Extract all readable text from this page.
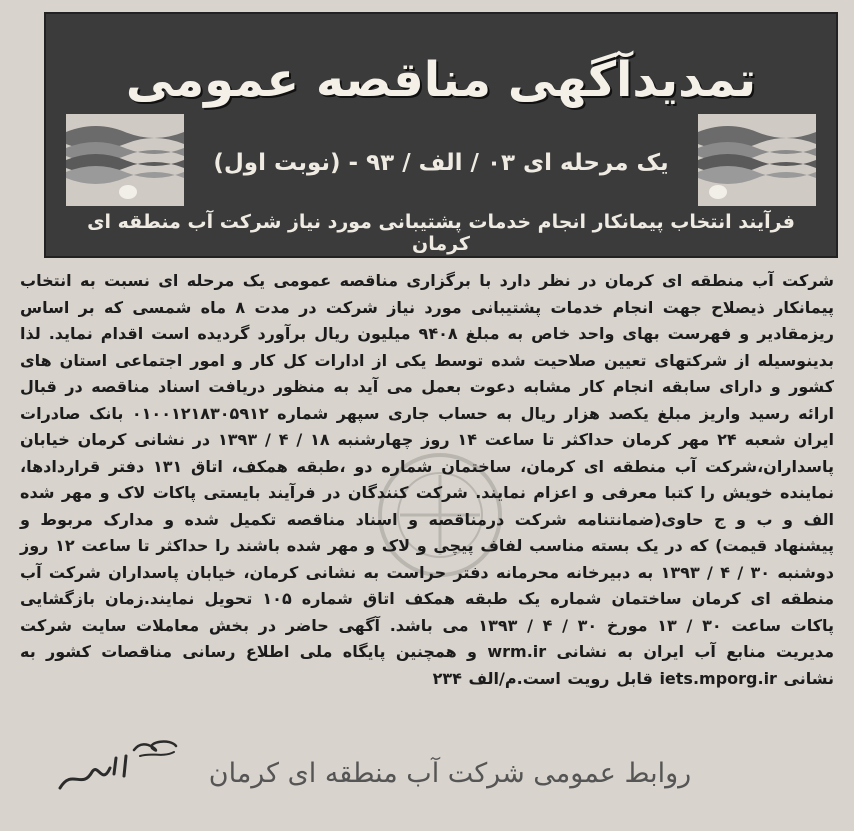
تمدیدآگهی مناقصه عمومی
یک مرحله ای ۰۳ / الف / ۹۳ - (نوبت اول)
فرآیند انتخاب پیمانکار انجام خدمات پشتیبانی مورد نیاز شرکت آب منطقه ای کرمان
شرکت آب منطقه ای کرمان در نظر دارد با برگزاری مناقصه عمومی یک مرحله ای نسبت به انتخاب پیمانکار ذیصلاح جهت انجام خدمات پشتیبانی مورد نیاز شرکت در مدت ۸ ماه شمسی که بر اساس ریزمقادیر و فهرست بهای واحد خاص به مبلغ ۹۴۰۸ میلیون ریال برآورد گردیده است اقدام نماید. لذا بدینوسیله از شرکتهای تعیین صلاحیت شده توسط یکی از ادارات کل کار و امور اجتماعی استان های کشور و دارای سابقه انجام کار مشابه دعوت بعمل می آید به منظور دریافت اسناد مناقصه در قبال ارائه رسید واریز مبلغ یکصد هزار ریال به حساب جاری سپهر شماره ۰۱۰۰۱۲۱۸۳۰۵۹۱۲ بانک صادرات ایران شعبه ۲۴ مهر کرمان حداکثر تا ساعت ۱۴ روز چهارشنبه ۱۸ / ۴ / ۱۳۹۳ در نشانی کرمان خیابان پاسداران،شرکت آب منطقه ای کرمان، ساختمان شماره دو ،طبقه همکف، اتاق ۱۳۱ دفتر قراردادها، نماینده خویش را کتبا معرفی و اعزام نمایند. شرکت کنندگان در فرآیند بایستی پاکات لاک و مهر شده الف و ب و ج حاوی(ضمانتنامه شرکت درمناقصه و اسناد مناقصه تکمیل شده و مدارک مربوط و پیشنهاد قیمت) که در یک بسته مناسب لفاف پیچی و لاک و مهر شده باشند را حداکثر تا ساعت ۱۲ روز دوشنبه ۳۰ / ۴ / ۱۳۹۳ به دبیرخانه محرمانه دفتر حراست به نشانی کرمان، خیابان پاسداران شرکت آب منطقه ای کرمان ساختمان شماره یک طبقه همکف اتاق شماره ۱۰۵ تحویل نمایند.زمان بازگشایی پاکات ساعت ۳۰ / ۱۳ مورخ ۳۰ / ۴ / ۱۳۹۳ می باشد. آگهی حاضر در بخش معاملات سایت شرکت مدیریت منابع آب ایران به نشانی wrm.ir و همچنین پایگاه ملی اطلاع رسانی مناقصات کشور به نشانی iets.mporg.ir قابل رویت است.م/الف ۲۳۴
روابط عمومی شرکت آب منطقه ای کرمان
